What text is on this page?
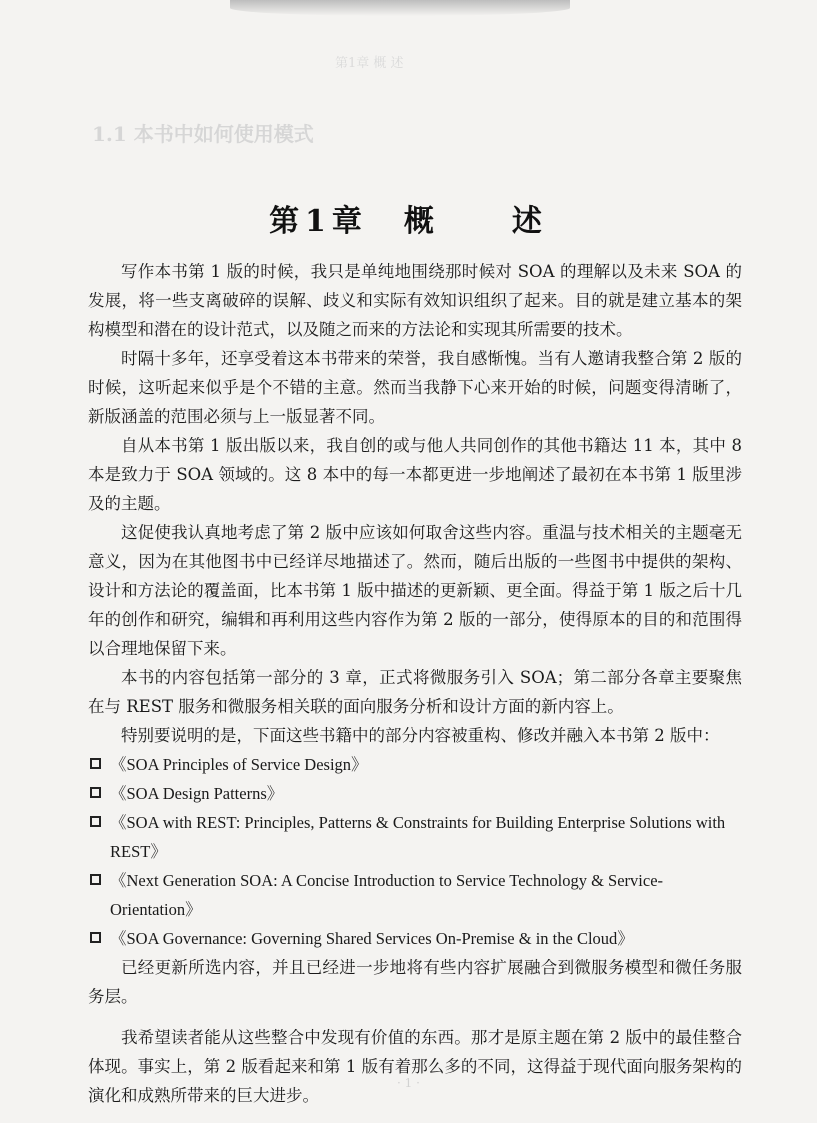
1.1 本书中如何使用模式
第1章 概 述
第1章　概　　述

写作本书第 1 版的时候，我只是单纯地围绕那时候对 SOA 的理解以及未来 SOA 的发展，将一些支离破碎的误解、歧义和实际有效知识组织了起来。目的就是建立基本的架构模型和潜在的设计范式，以及随之而来的方法论和实现其所需要的技术。

时隔十多年，还享受着这本书带来的荣誉，我自感惭愧。当有人邀请我整合第 2 版的时候，这听起来似乎是个不错的主意。然而当我静下心来开始的时候，问题变得清晰了，新版涵盖的范围必须与上一版显著不同。

自从本书第 1 版出版以来，我自创的或与他人共同创作的其他书籍达 11 本，其中 8 本是致力于 SOA 领域的。这 8 本中的每一本都更进一步地阐述了最初在本书第 1 版里涉及的主题。

这促使我认真地考虑了第 2 版中应该如何取舍这些内容。重温与技术相关的主题毫无意义，因为在其他图书中已经详尽地描述了。然而，随后出版的一些图书中提供的架构、设计和方法论的覆盖面，比本书第 1 版中描述的更新颖、更全面。得益于第 1 版之后十几年的创作和研究，编辑和再利用这些内容作为第 2 版的一部分，使得原本的目的和范围得以合理地保留下来。

本书的内容包括第一部分的 3 章，正式将微服务引入 SOA；第二部分各章主要聚焦在与 REST 服务和微服务相关联的面向服务分析和设计方面的新内容上。

特别要说明的是，下面这些书籍中的部分内容被重构、修改并融入本书第 2 版中：

《SOA Principles of Service Design》
《SOA Design Patterns》
《SOA with REST: Principles, Patterns & Constraints for Building Enterprise Solutions with REST》
《Next Generation SOA: A Concise Introduction to Service Technology & Service-Orientation》
《SOA Governance: Governing Shared Services On-Premise & in the Cloud》

已经更新所选内容，并且已经进一步地将有些内容扩展融合到微服务模型和微任务服务层。

我希望读者能从这些整合中发现有价值的东西。那才是原主题在第 2 版中的最佳整合体现。事实上，第 2 版看起来和第 1 版有着那么多的不同，这得益于现代面向服务架构的演化和成熟所带来的巨大进步。

· 1 ·
